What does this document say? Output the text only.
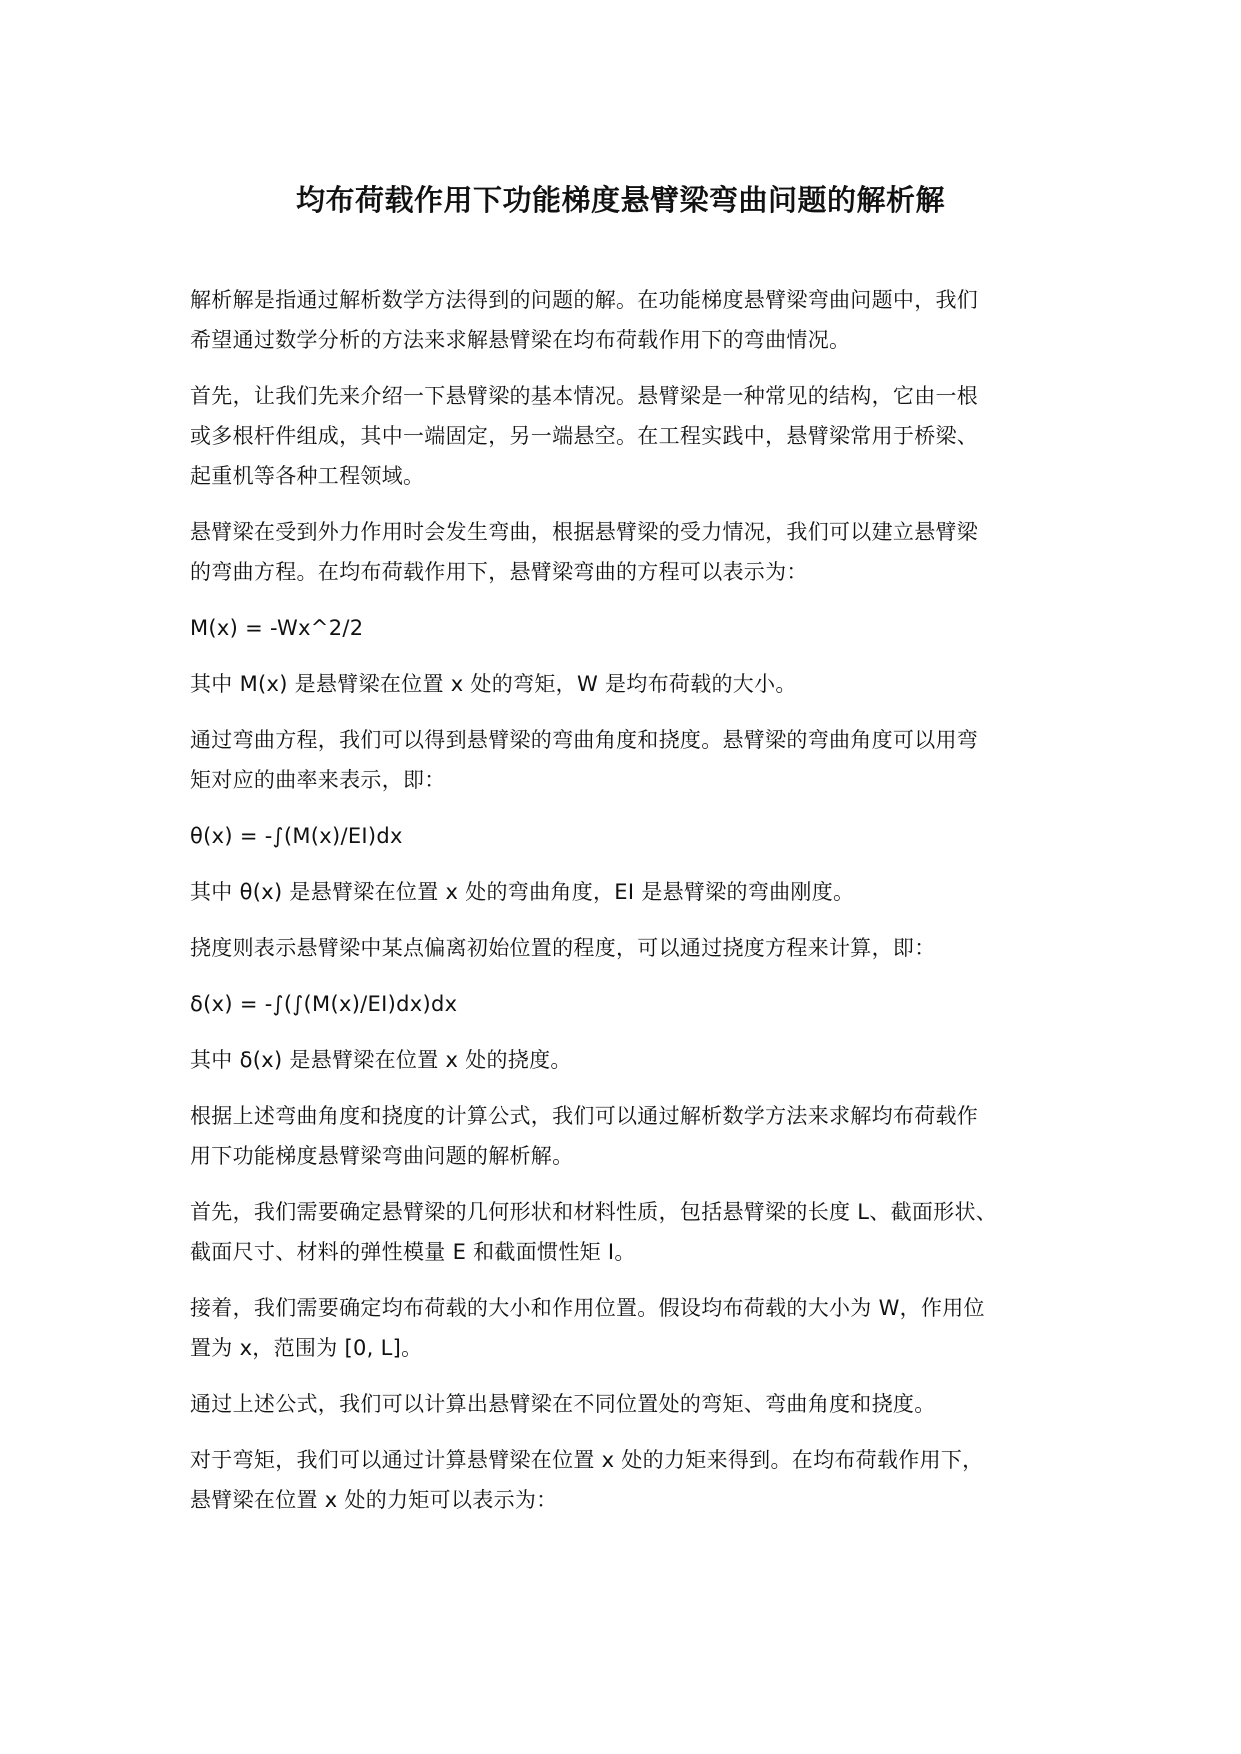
均布荷载作用下功能梯度悬臂梁弯曲问题的解析解

解析解是指通过解析数学方法得到的问题的解。在功能梯度悬臂梁弯曲问题中，我们
希望通过数学分析的方法来求解悬臂梁在均布荷载作用下的弯曲情况。

首先，让我们先来介绍一下悬臂梁的基本情况。悬臂梁是一种常见的结构，它由一根
或多根杆件组成，其中一端固定，另一端悬空。在工程实践中，悬臂梁常用于桥梁、
起重机等各种工程领域。

悬臂梁在受到外力作用时会发生弯曲，根据悬臂梁的受力情况，我们可以建立悬臂梁
的弯曲方程。在均布荷载作用下，悬臂梁弯曲的方程可以表示为：

M(x) = -Wx^2/2

其中 M(x) 是悬臂梁在位置 x 处的弯矩，W 是均布荷载的大小。

通过弯曲方程，我们可以得到悬臂梁的弯曲角度和挠度。悬臂梁的弯曲角度可以用弯
矩对应的曲率来表示，即：

θ(x) = -∫(M(x)/EI)dx

其中 θ(x) 是悬臂梁在位置 x 处的弯曲角度，EI 是悬臂梁的弯曲刚度。

挠度则表示悬臂梁中某点偏离初始位置的程度，可以通过挠度方程来计算，即：

δ(x) = -∫(∫(M(x)/EI)dx)dx

其中 δ(x) 是悬臂梁在位置 x 处的挠度。

根据上述弯曲角度和挠度的计算公式，我们可以通过解析数学方法来求解均布荷载作
用下功能梯度悬臂梁弯曲问题的解析解。

首先，我们需要确定悬臂梁的几何形状和材料性质，包括悬臂梁的长度 L、截面形状、
截面尺寸、材料的弹性模量 E 和截面惯性矩 I。

接着，我们需要确定均布荷载的大小和作用位置。假设均布荷载的大小为 W，作用位
置为 x，范围为 [0, L]。

通过上述公式，我们可以计算出悬臂梁在不同位置处的弯矩、弯曲角度和挠度。

对于弯矩，我们可以通过计算悬臂梁在位置 x 处的力矩来得到。在均布荷载作用下，
悬臂梁在位置 x 处的力矩可以表示为：
